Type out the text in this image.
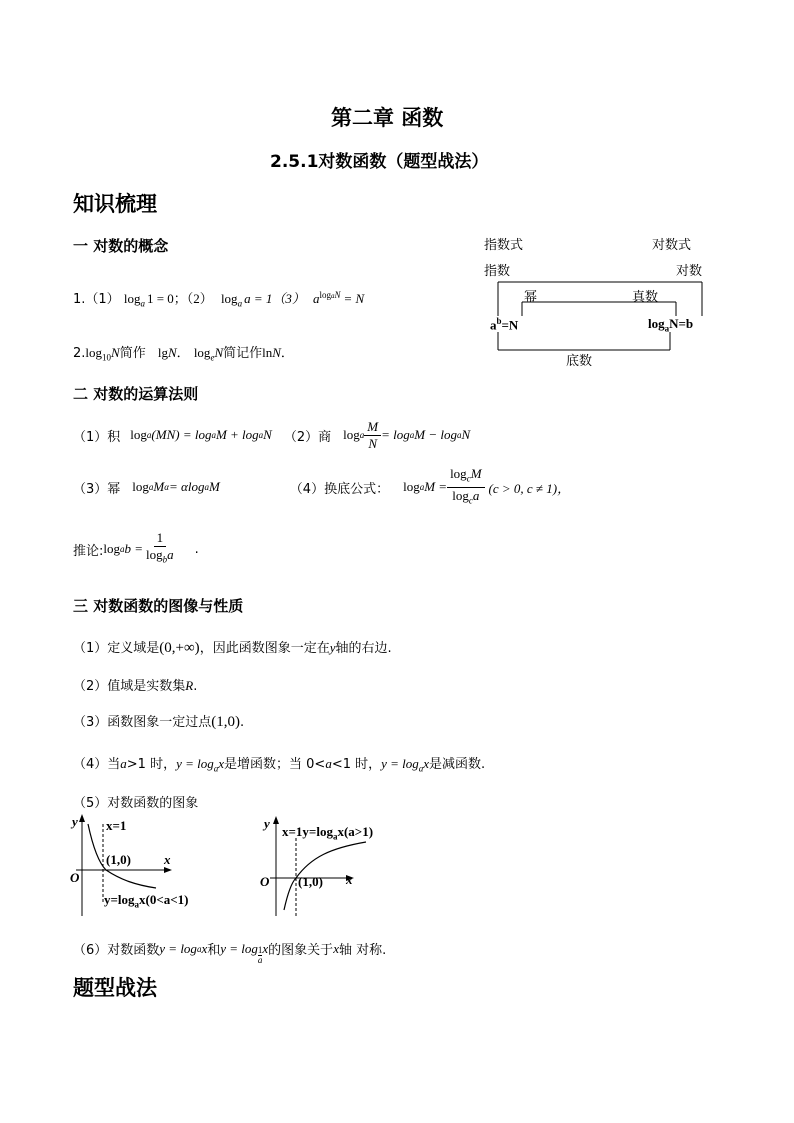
第二章 函数
2.5.1对数函数（题型战法）
知识梳理
一 对数的概念
1.（1） $\log_a 1 = 0$；（2） $\log_a a = 1(3) a^{logaN} = N$
$2.\log_{10}N$简作 lgN． $\log_eN$简记作lnN．
指数式	对数式
指数	对数
幂	真数
$a^b=N$	$\log_aN=b$
底数
二 对数的运算法则
（1）积 log a (MN) = log a M + log a N （2）商 log a $\frac{M}{N} = \log a$ M − log a N
（3）幂 log a M α = αlog a M	（4）换底公式： log a $M = \frac{\log_cM}{\log_ca} (c > 0$, c ≠ 1)，
推论: log a $b = \frac{1}{\log_ba}$ .
三 对数函数的图像与性质
（1）定义域是(0,+∞)，因此函数图象一定在y轴的右边.
（2）值域是实数集R.
（3）函数图象一定过点(1,0).
（4）当a>1 时，$y = \log_ax$是增函数；当 0<a<1 时，$y = \log_ax$是减函数.
（5）对数函数的图象
y x=1
(1,0)
O
x
$y=\log_ax(0<a<1)$
y
$x=1y=\log_ax(a>1)$
O (1,0) x
（6）对数函数 y = log a x 和 y = log 1
a
x 的图象关于 x 轴 对称.
题型战法
